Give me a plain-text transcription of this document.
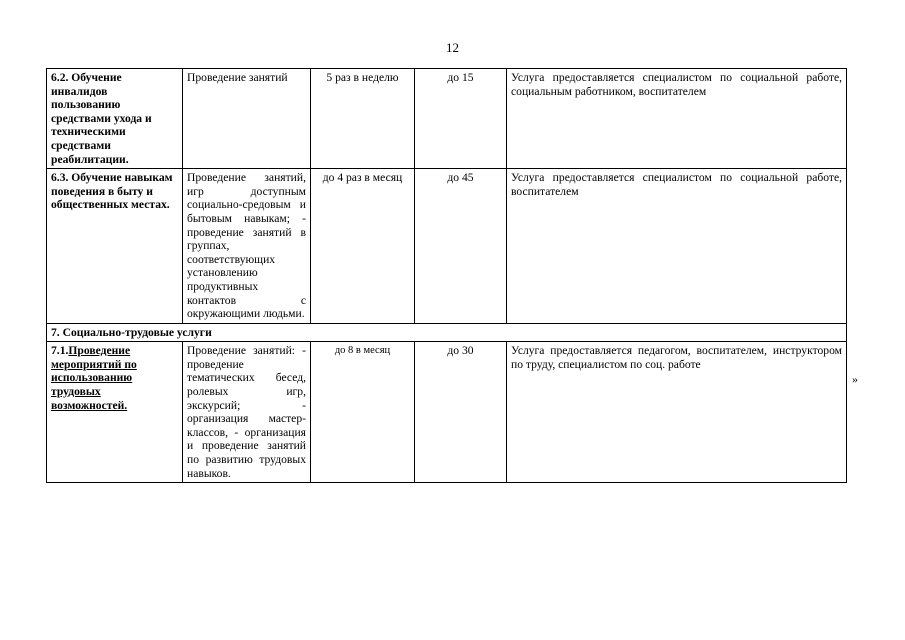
12
6.2. Обучение инвалидов пользованию средствами ухода и техническими средствами реабилитации.	Проведение занятий	5 раз в неделю	до 15	Услуга предоставляется специалистом по социальной работе, социальным работником, воспитателем
6.3. Обучение навыкам поведения в быту и общественных местах.	Проведение занятий, игр доступным социально-средовым и бытовым навыкам; - проведение занятий в группах, соответствующих установлению продуктивных контактов с окружающими людьми.	до 4 раз в месяц	до 45	Услуга предоставляется специалистом по социальной работе, воспитателем
7. Социально-трудовые услуги				
7.1.Проведение мероприятий по использованию трудовых возможностей.	Проведение занятий: - проведение тематических бесед, ролевых игр, экскурсий; - организация мастер-классов, - организация и проведение занятий по развитию трудовых навыков.	до 8 в месяц	до 30	Услуга предоставляется педагогом, воспитателем, инструктором по труду, специалистом по соц. работе
»
